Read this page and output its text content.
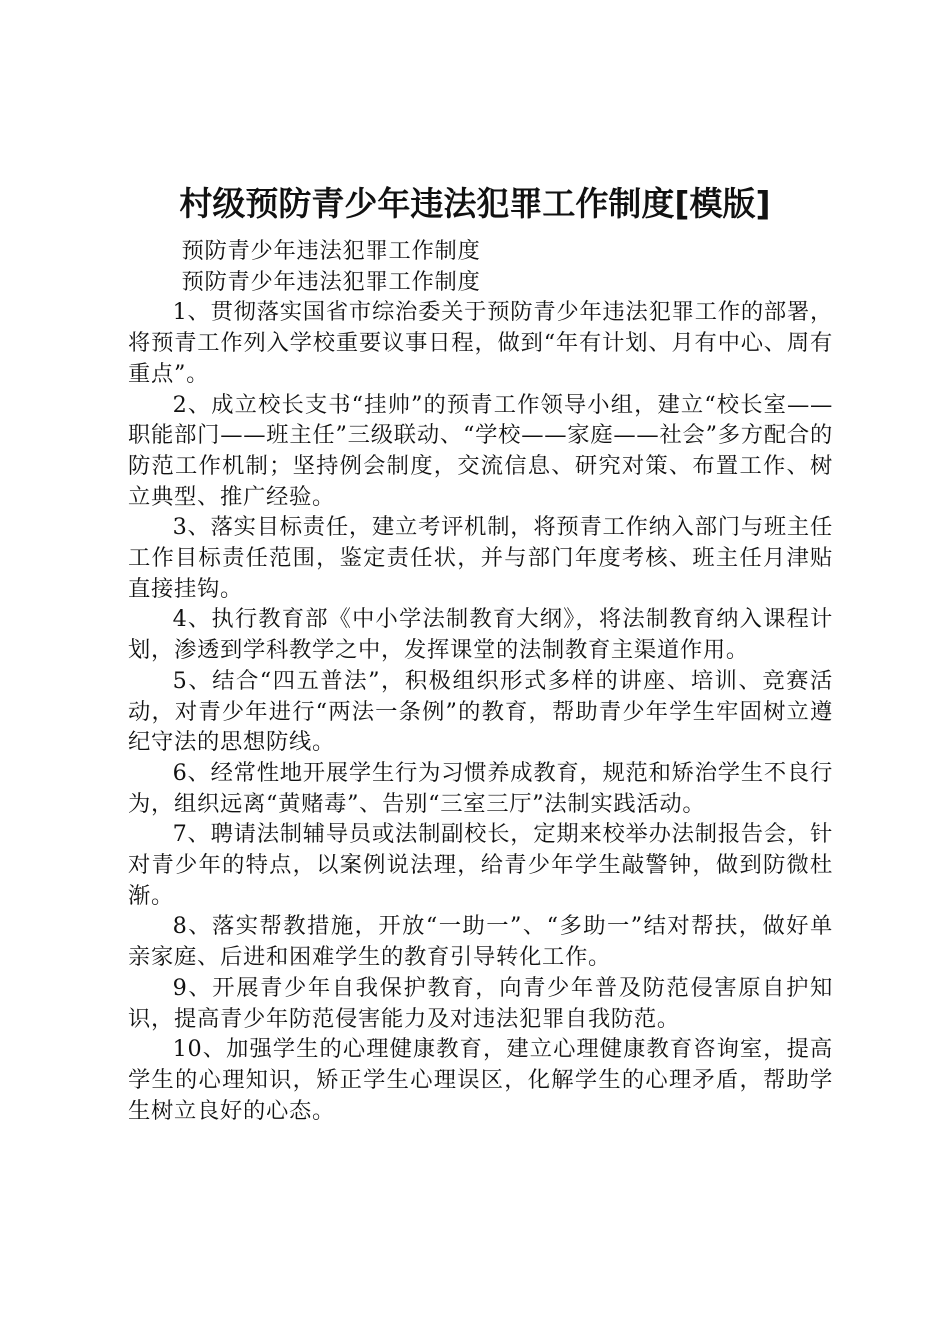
村级预防青少年违法犯罪工作制度[模版]

预防青少年违法犯罪工作制度

预防青少年违法犯罪工作制度

1、贯彻落实国省市综治委关于预防青少年违法犯罪工作的部署，将预青工作列入学校重要议事日程，做到“年有计划、月有中心、周有重点”。

2、成立校长支书“挂帅”的预青工作领导小组，建立“校长室——职能部门——班主任”三级联动、“学校——家庭——社会”多方配合的防范工作机制；坚持例会制度，交流信息、研究对策、布置工作、树立典型、推广经验。

3、落实目标责任，建立考评机制，将预青工作纳入部门与班主任工作目标责任范围，鉴定责任状，并与部门年度考核、班主任月津贴直接挂钩。

4、执行教育部《中小学法制教育大纲》，将法制教育纳入课程计划，渗透到学科教学之中，发挥课堂的法制教育主渠道作用。

5、结合“四五普法”，积极组织形式多样的讲座、培训、竞赛活动，对青少年进行“两法一条例”的教育，帮助青少年学生牢固树立遵纪守法的思想防线。

6、经常性地开展学生行为习惯养成教育，规范和矫治学生不良行为，组织远离“黄赌毒”、告别“三室三厅”法制实践活动。

7、聘请法制辅导员或法制副校长，定期来校举办法制报告会，针对青少年的特点，以案例说法理，给青少年学生敲警钟，做到防微杜渐。

8、落实帮教措施，开放“一助一”、“多助一”结对帮扶，做好单亲家庭、后进和困难学生的教育引导转化工作。

9、开展青少年自我保护教育，向青少年普及防范侵害原自护知识，提高青少年防范侵害能力及对违法犯罪自我防范。

10、加强学生的心理健康教育，建立心理健康教育咨询室，提高学生的心理知识，矫正学生心理误区，化解学生的心理矛盾，帮助学生树立良好的心态。
